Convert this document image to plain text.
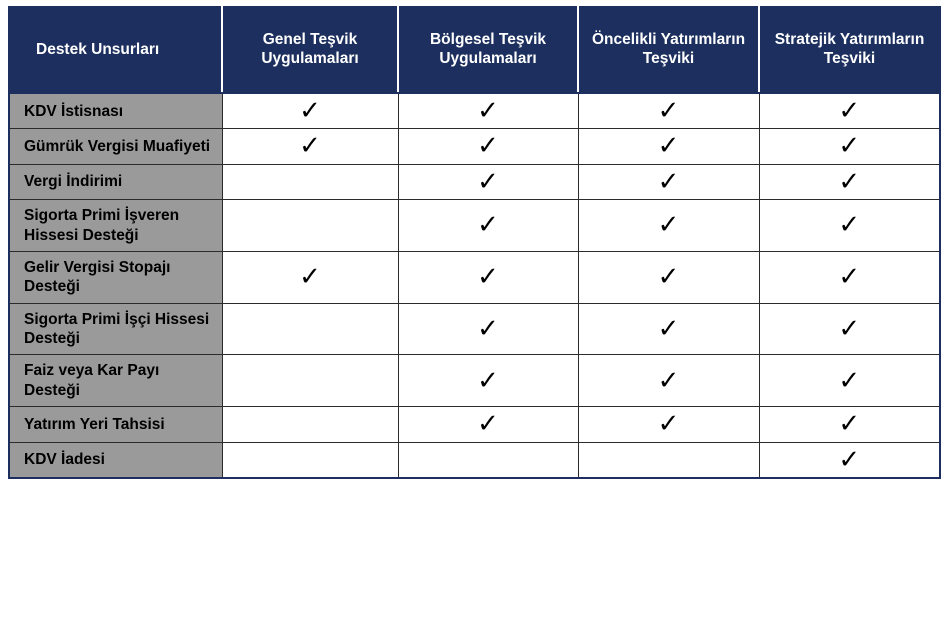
Destek Unsurları	Genel Teşvik Uygulamaları	Bölgesel Teşvik Uygulamaları	Öncelikli Yatırımların Teşviki	Stratejik Yatırımların Teşviki
KDV İstisnası	✓	✓	✓	✓
Gümrük Vergisi Muafiyeti	✓	✓	✓	✓
Vergi İndirimi		✓	✓	✓
Sigorta Primi İşveren Hissesi Desteği		✓	✓	✓
Gelir Vergisi Stopajı Desteği	✓	✓	✓	✓
Sigorta Primi İşçi Hissesi Desteği		✓	✓	✓
Faiz veya Kar Payı Desteği		✓	✓	✓
Yatırım Yeri Tahsisi		✓	✓	✓
KDV İadesi				✓
